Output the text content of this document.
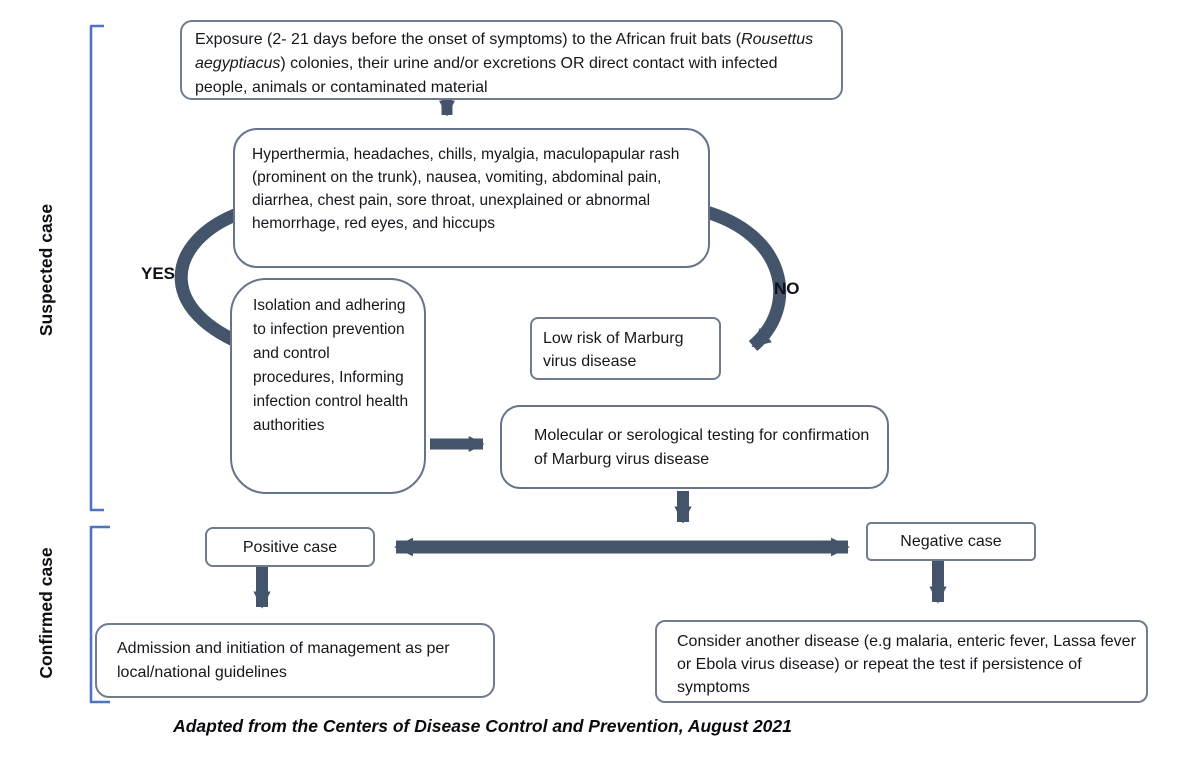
Suspected case
Confirmed case
Exposure (2- 21 days before the onset of symptoms) to the African fruit bats (Rousettus aegyptiacus) colonies, their urine and/or excretions OR direct contact with infected people, animals or contaminated material
Hyperthermia, headaches, chills, myalgia, maculopapular rash (prominent on the trunk), nausea, vomiting, abdominal pain, diarrhea, chest pain, sore throat, unexplained or abnormal hemorrhage, red eyes, and hiccups
Isolation and adhering to infection prevention and control procedures, Informing infection control health authorities
Low risk of Marburg virus disease
Molecular or serological testing for confirmation of Marburg virus disease
Positive case	Negative case
Admission and initiation of management as per local/national guidelines
Consider another disease (e.g malaria, enteric fever, Lassa fever or Ebola virus disease) or repeat the test if persistence of symptoms
YES
NO
Adapted from the Centers of Disease Control and Prevention, August 2021
